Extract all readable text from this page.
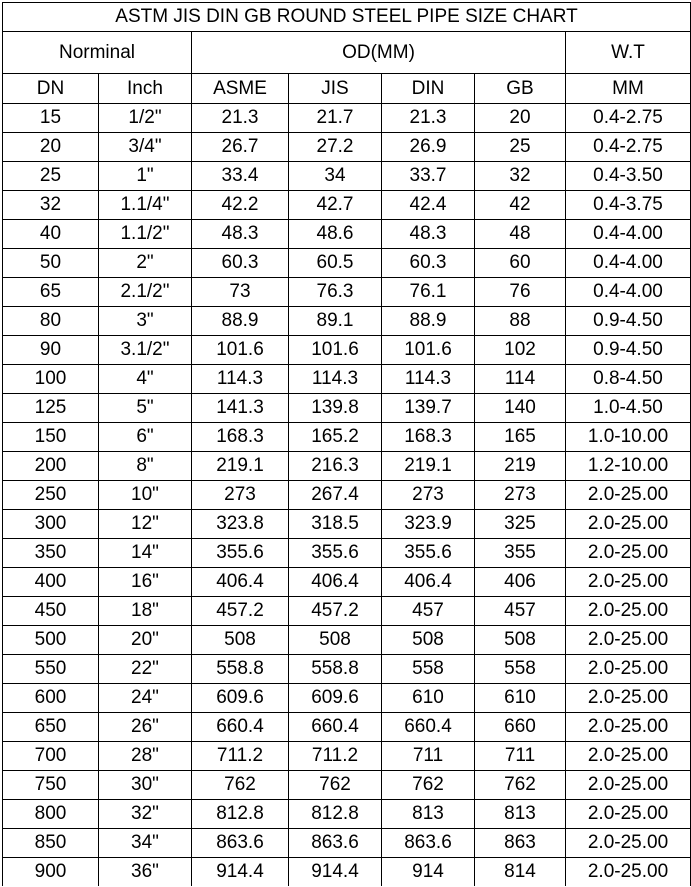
ASTM JIS DIN GB ROUND STEEL PIPE SIZE CHART						
Norminal		OD(MM)				W.T
DN	Inch	ASME	JIS	DIN	GB	MM
15	1/2"	21.3	21.7	21.3	20	0.4-2.75
20	3/4"	26.7	27.2	26.9	25	0.4-2.75
25	1"	33.4	34	33.7	32	0.4-3.50
32	1.1/4"	42.2	42.7	42.4	42	0.4-3.75
40	1.1/2"	48.3	48.6	48.3	48	0.4-4.00
50	2"	60.3	60.5	60.3	60	0.4-4.00
65	2.1/2"	73	76.3	76.1	76	0.4-4.00
80	3"	88.9	89.1	88.9	88	0.9-4.50
90	3.1/2"	101.6	101.6	101.6	102	0.9-4.50
100	4"	114.3	114.3	114.3	114	0.8-4.50
125	5"	141.3	139.8	139.7	140	1.0-4.50
150	6"	168.3	165.2	168.3	165	1.0-10.00
200	8"	219.1	216.3	219.1	219	1.2-10.00
250	10"	273	267.4	273	273	2.0-25.00
300	12"	323.8	318.5	323.9	325	2.0-25.00
350	14"	355.6	355.6	355.6	355	2.0-25.00
400	16"	406.4	406.4	406.4	406	2.0-25.00
450	18"	457.2	457.2	457	457	2.0-25.00
500	20"	508	508	508	508	2.0-25.00
550	22"	558.8	558.8	558	558	2.0-25.00
600	24"	609.6	609.6	610	610	2.0-25.00
650	26"	660.4	660.4	660.4	660	2.0-25.00
700	28"	711.2	711.2	711	711	2.0-25.00
750	30"	762	762	762	762	2.0-25.00
800	32"	812.8	812.8	813	813	2.0-25.00
850	34"	863.6	863.6	863.6	863	2.0-25.00
900	36"	914.4	914.4	914	814	2.0-25.00
